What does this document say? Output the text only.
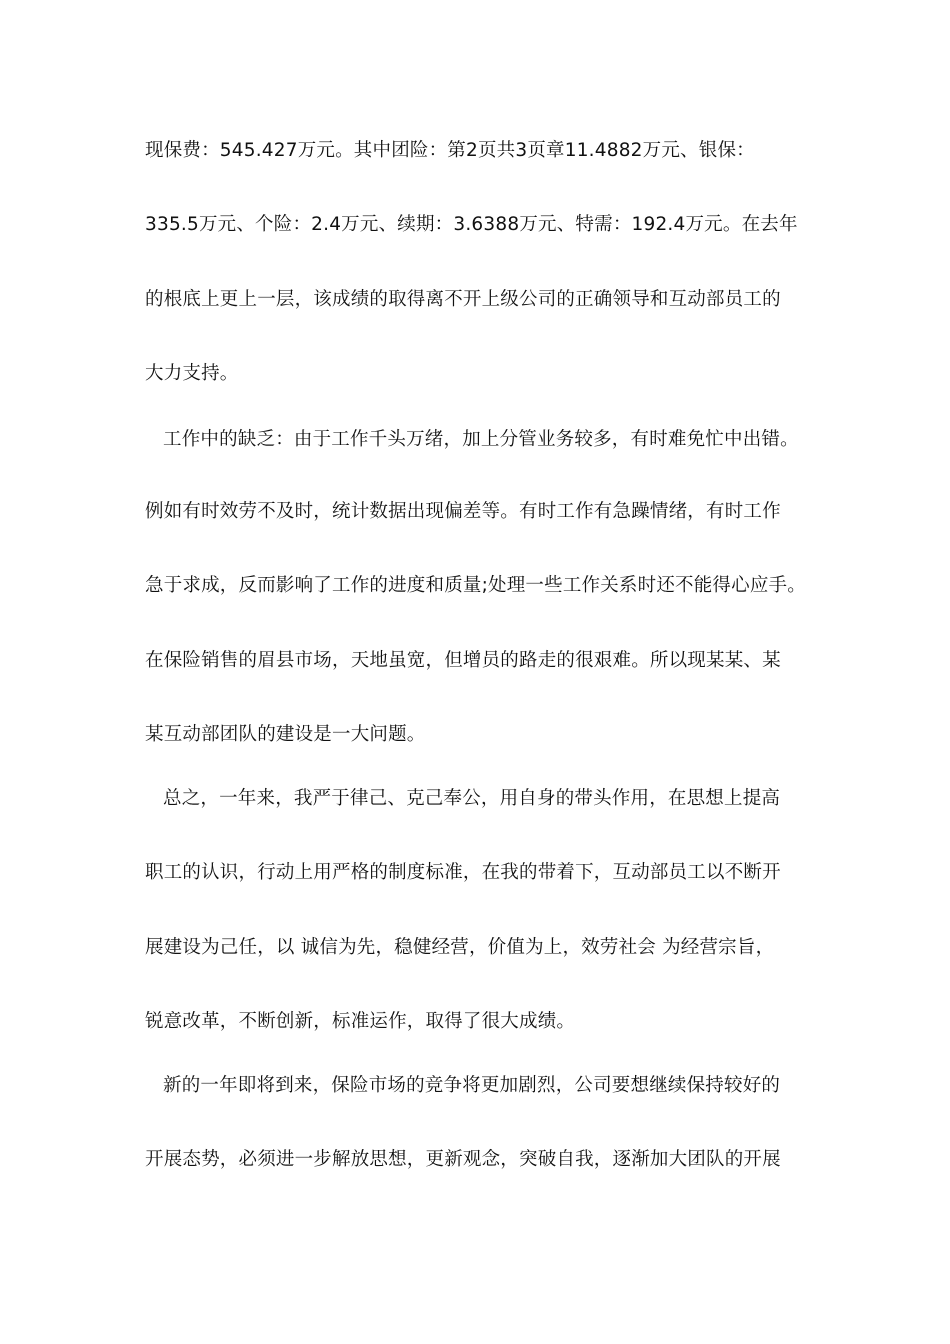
现保费：545.427万元。其中团险：第2页共3页章11.4882万元、银保：
335.5万元、个险：2.4万元、续期：3.6388万元、特需：192.4万元。在去年
的根底上更上一层，该成绩的取得离不开上级公司的正确领导和互动部员工的
大力支持。
工作中的缺乏：由于工作千头万绪，加上分管业务较多，有时难免忙中出错。
例如有时效劳不及时，统计数据出现偏差等。有时工作有急躁情绪，有时工作
急于求成，反而影响了工作的进度和质量;处理一些工作关系时还不能得心应手。
在保险销售的眉县市场，天地虽宽，但增员的路走的很艰难。所以现某某、某
某互动部团队的建设是一大问题。
总之，一年来，我严于律己、克己奉公，用自身的带头作用，在思想上提高
职工的认识，行动上用严格的制度标准，在我的带着下，互动部员工以不断开
展建设为己任，以 诚信为先，稳健经营，价值为上，效劳社会 为经营宗旨，
锐意改革，不断创新，标准运作，取得了很大成绩。
新的一年即将到来，保险市场的竞争将更加剧烈，公司要想继续保持较好的
开展态势，必须进一步解放思想，更新观念，突破自我，逐渐加大团队的开展
